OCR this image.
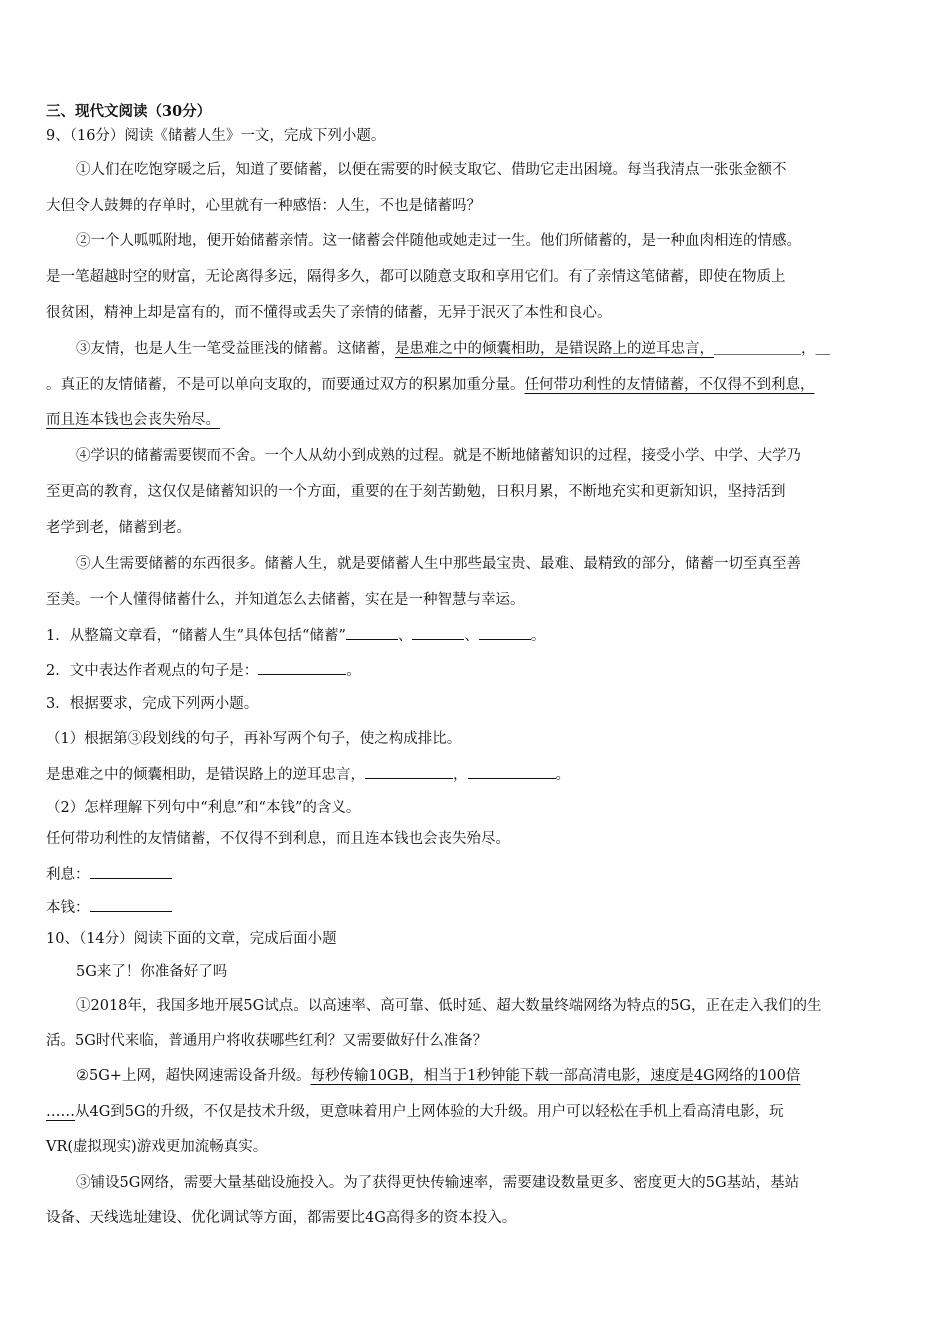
三、现代文阅读（30分）
9、（16分）阅读《储蓄人生》一文，完成下列小题。
①人们在吃饱穿暖之后，知道了要储蓄，以便在需要的时候支取它、借助它走出困境。每当我清点一张张金额不
大但令人鼓舞的存单时，心里就有一种感悟：人生，不也是储蓄吗？
②一个人呱呱附地，便开始储蓄亲情。这一储蓄会伴随他或她走过一生。他们所储蓄的，是一种血肉相连的情感。
是一笔超越时空的财富，无论离得多远，隔得多久，都可以随意支取和享用它们。有了亲情这笔储蓄，即使在物质上
很贫困，精神上却是富有的，而不懂得或丢失了亲情的储蓄，无异于泯灭了本性和良心。
③友情，也是人生一笔受益匪浅的储蓄。这储蓄，是患难之中的倾囊相助，是错误路上的逆耳忠言，＿＿＿＿＿＿，＿
。真正的友情储蓄，不是可以单向支取的，而要通过双方的积累加重分量。任何带功利性的友情储蓄，不仅得不到利息，
而且连本钱也会丧失殆尽。
④学识的储蓄需要锲而不舍。一个人从幼小到成熟的过程。就是不断地储蓄知识的过程，接受小学、中学、大学乃
至更高的教育，这仅仅是储蓄知识的一个方面，重要的在于刻苦勤勉，日积月累，不断地充实和更新知识，坚持活到
老学到老，储蓄到老。
⑤人生需要储蓄的东西很多。储蓄人生，就是要储蓄人生中那些最宝贵、最难、最精致的部分，储蓄一切至真至善
至美。一个人懂得储蓄什么，并知道怎么去储蓄，实在是一种智慧与幸运。
1．从整篇文章看，“储蓄人生”具体包括“储蓄”	、	、	。
2．文中表达作者观点的句子是：	。
3．根据要求，完成下列两小题。
（1）根据第③段划线的句子，再补写两个句子，使之构成排比。
是患难之中的倾囊相助，是错误路上的逆耳忠言，	，	。
（2）怎样理解下列句中“利息”和“本钱”的含义。
任何带功利性的友情储蓄，不仅得不到利息，而且连本钱也会丧失殆尽。
利息：
本钱：
10、（14分）阅读下面的文章，完成后面小题
5G来了！你准备好了吗
①2018年，我国多地开展5G试点。以高速率、高可靠、低时延、超大数量终端网络为特点的5G，正在走入我们的生
活。5G时代来临，普通用户将收获哪些红利？又需要做好什么准备？
②5G+上网，超快网速需设备升级。每秒传输10GB，相当于1秒钟能下载一部高清电影，速度是4G网络的100倍
……从4G到5G的升级，不仅是技术升级，更意味着用户上网体验的大升级。用户可以轻松在手机上看高清电影，玩
VR(虚拟现实)游戏更加流畅真实。
③铺设5G网络，需要大量基础设施投入。为了获得更快传输速率，需要建设数量更多、密度更大的5G基站，基站
设备、天线选址建设、优化调试等方面，都需要比4G高得多的资本投入。
